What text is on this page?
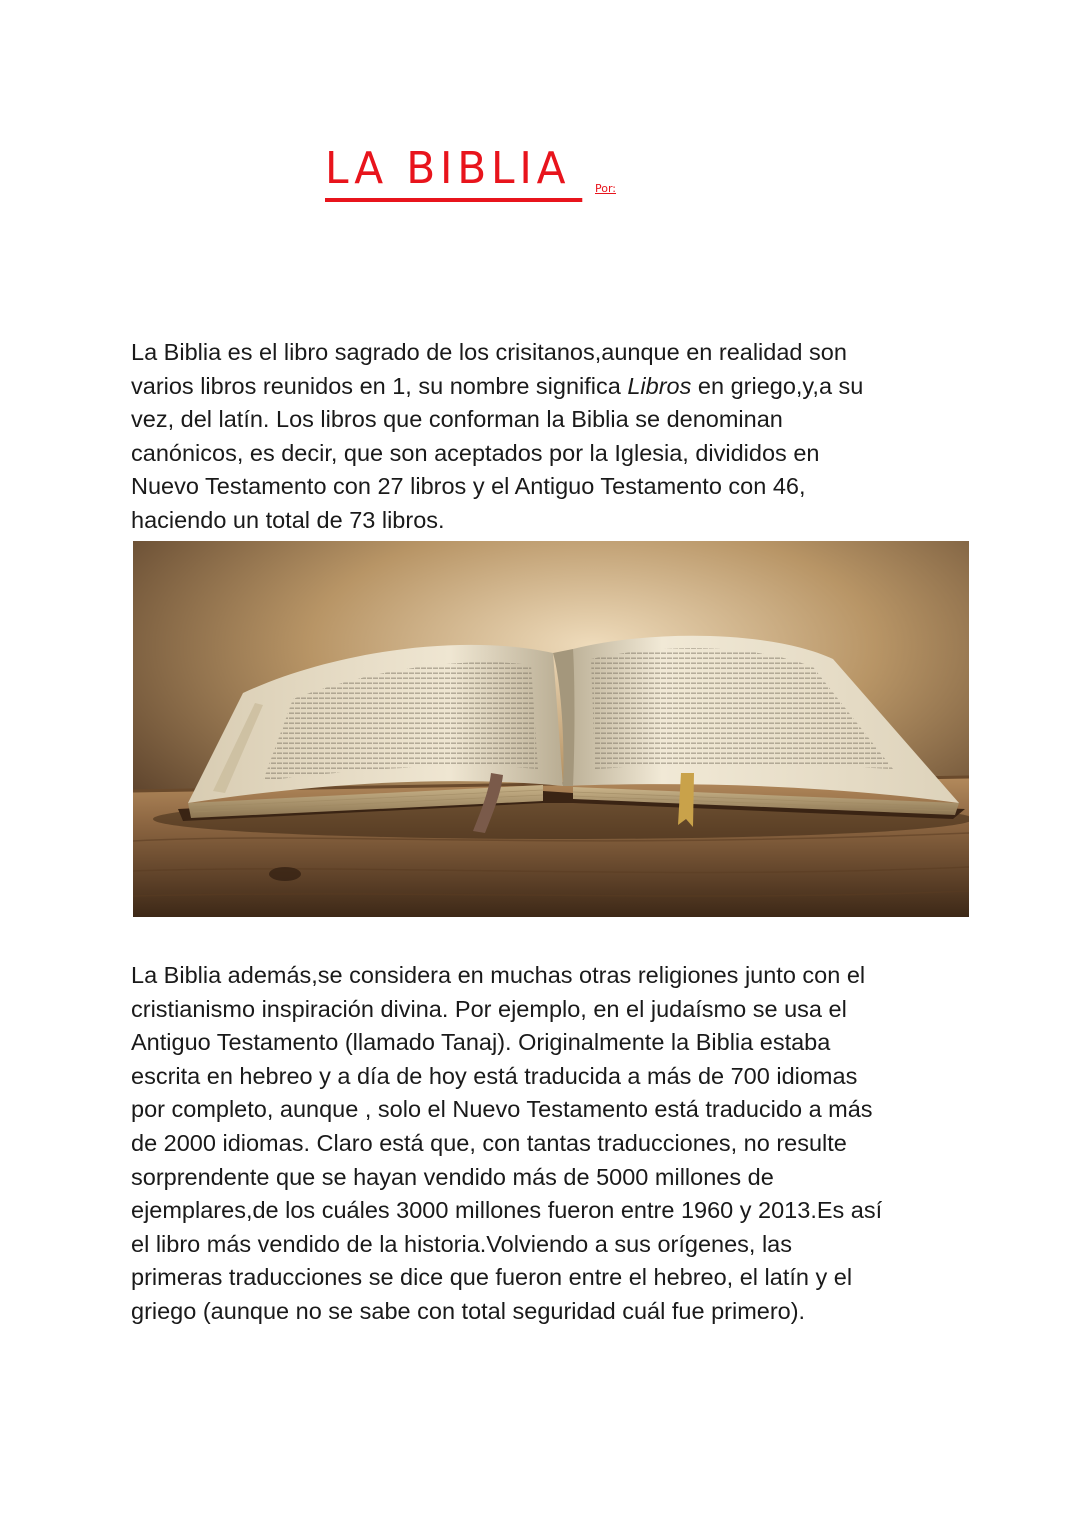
LA BIBLIA	Por:

La Biblia es el libro sagrado de los crisitanos,aunque en realidad son
varios libros reunidos en 1, su nombre significa Libros en griego,y,a su
vez, del latín. Los libros que conforman la Biblia se denominan
canónicos, es decir, que son aceptados por la Iglesia, divididos en
Nuevo Testamento con 27 libros y el Antiguo Testamento con 46,
haciendo un total de 73 libros.

La Biblia además,se considera en muchas otras religiones junto con el
cristianismo inspiración divina. Por ejemplo, en el judaísmo se usa el
Antiguo Testamento (llamado Tanaj). Originalmente la Biblia estaba
escrita en hebreo y a día de hoy está traducida a más de 700 idiomas
por completo, aunque , solo el Nuevo Testamento está traducido a más
de 2000 idiomas. Claro está que, con tantas traducciones, no resulte
sorprendente que se hayan vendido más de 5000 millones de
ejemplares,de los cuáles 3000 millones fueron entre 1960 y 2013.Es así
el libro más vendido de la historia.Volviendo a sus orígenes, las
primeras traducciones se dice que fueron entre el hebreo, el latín y el
griego (aunque no se sabe con total seguridad cuál fue primero).
